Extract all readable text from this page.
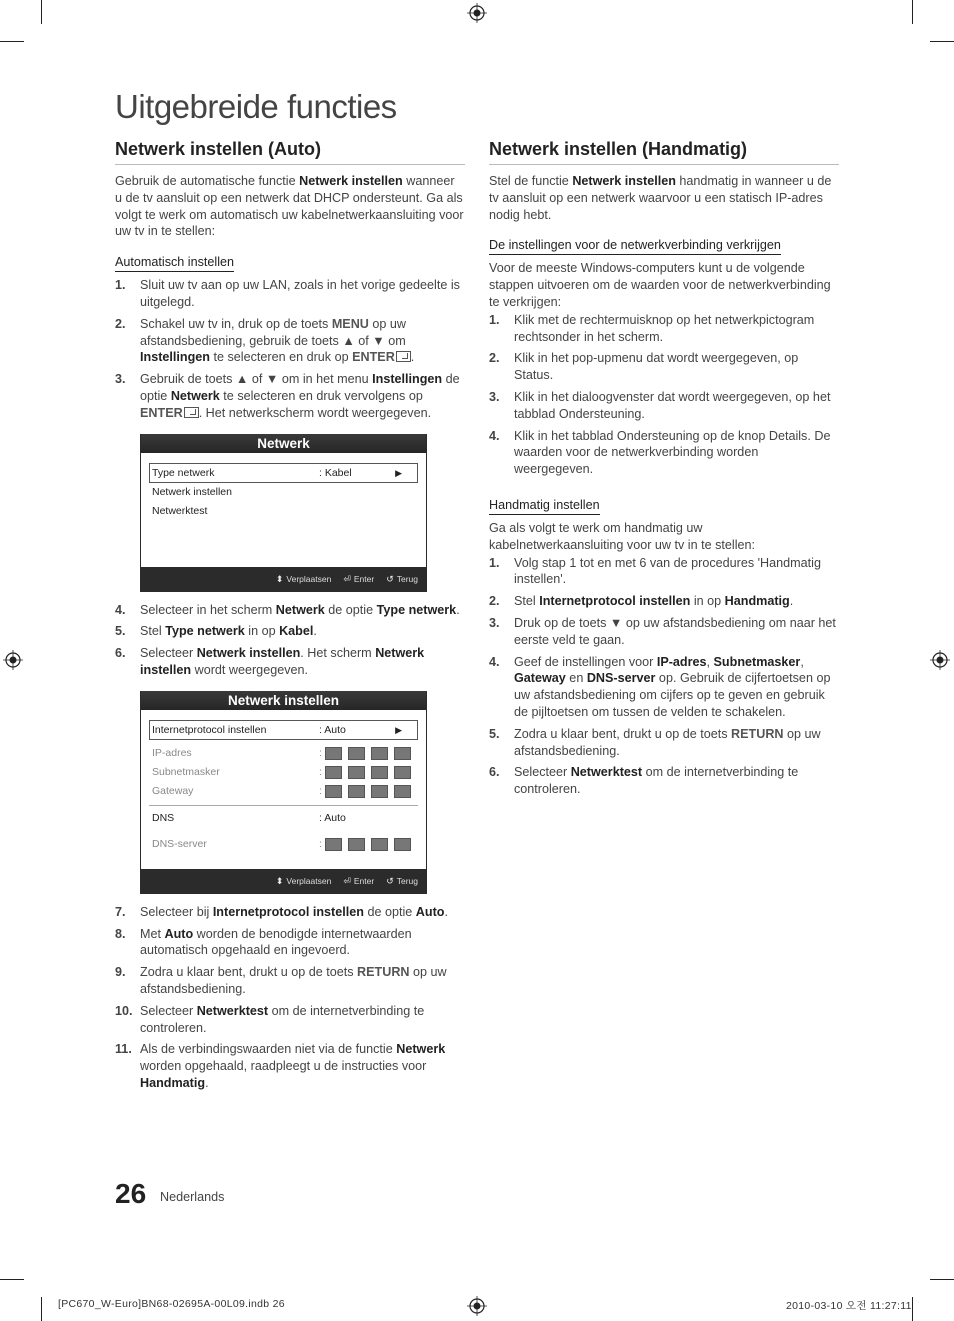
Uitgebreide functies
Netwerk instellen (Auto)

Gebruik de automatische functie Netwerk instellen wanneer u de tv aansluit op een netwerk dat DHCP ondersteunt. Ga als volgt te werk om automatisch uw kabelnetwerkaansluiting voor uw tv in te stellen:

Automatisch instellen
1. Sluit uw tv aan op uw LAN, zoals in het vorige gedeelte is uitgelegd.
2. Schakel uw tv in, druk op de toets MENU op uw afstandsbediening, gebruik de toets ▲ of ▼ om Instellingen te selecteren en druk op ENTER .
3. Gebruik de toets ▲ of ▼ om in het menu Instellingen de optie Netwerk te selecteren en druk vervolgens op ENTER . Het netwerkscherm wordt weergegeven.
Netwerk
Type netwerk	: Kabel	▶
Netwerk instellen
Netwerktest
⬍ Verplaatsen ⏎ Enter ↺ Terug
4. Selecteer in het scherm Netwerk de optie Type netwerk.
5. Stel Type netwerk in op Kabel.
6. Selecteer Netwerk instellen. Het scherm Netwerk instellen wordt weergegeven.
Netwerk instellen
Internetprotocol instellen	: Auto	▶
IP-adres	:
Subnetmasker	:
Gateway	:
DNS	: Auto
DNS-server	:
⬍ Verplaatsen ⏎ Enter ↺ Terug
7. Selecteer bij Internetprotocol instellen de optie Auto.
8. Met Auto worden de benodigde internetwaarden automatisch opgehaald en ingevoerd.
9. Zodra u klaar bent, drukt u op de toets RETURN op uw afstandsbediening.
10. Selecteer Netwerktest om de internetverbinding te controleren.
11. Als de verbindingswaarden niet via de functie Netwerk worden opgehaald, raadpleegt u de instructies voor Handmatig.
Netwerk instellen (Handmatig)

Stel de functie Netwerk instellen handmatig in wanneer u de tv aansluit op een netwerk waarvoor u een statisch IP-adres nodig hebt.

De instellingen voor de netwerkverbinding verkrijgen

Voor de meeste Windows-computers kunt u de volgende stappen uitvoeren om de waarden voor de netwerkverbinding te verkrijgen:

1. Klik met de rechtermuisknop op het netwerkpictogram rechtsonder in het scherm.
2. Klik in het pop-upmenu dat wordt weergegeven, op Status.
3. Klik in het dialoogvenster dat wordt weergegeven, op het tabblad Ondersteuning.
4. Klik in het tabblad Ondersteuning op de knop Details. De waarden voor de netwerkverbinding worden weergegeven.
Handmatig instellen

Ga als volgt te werk om handmatig uw kabelnetwerkaansluiting voor uw tv in te stellen:

1. Volg stap 1 tot en met 6 van de procedures 'Handmatig instellen'.
2. Stel Internetprotocol instellen in op Handmatig.
3. Druk op de toets ▼ op uw afstandsbediening om naar het eerste veld te gaan.
4. Geef de instellingen voor IP-adres, Subnetmasker, Gateway en DNS-server op. Gebruik de cijfertoetsen op uw afstandsbediening om cijfers op te geven en gebruik de pijltoetsen om tussen de velden te schakelen.
5. Zodra u klaar bent, drukt u op de toets RETURN op uw afstandsbediening.
6. Selecteer Netwerktest om de internetverbinding te controleren.
26 Nederlands
[PC670_W-Euro]BN68-02695A-00L09.indb 26	2010-03-10 오전 11:27:11
